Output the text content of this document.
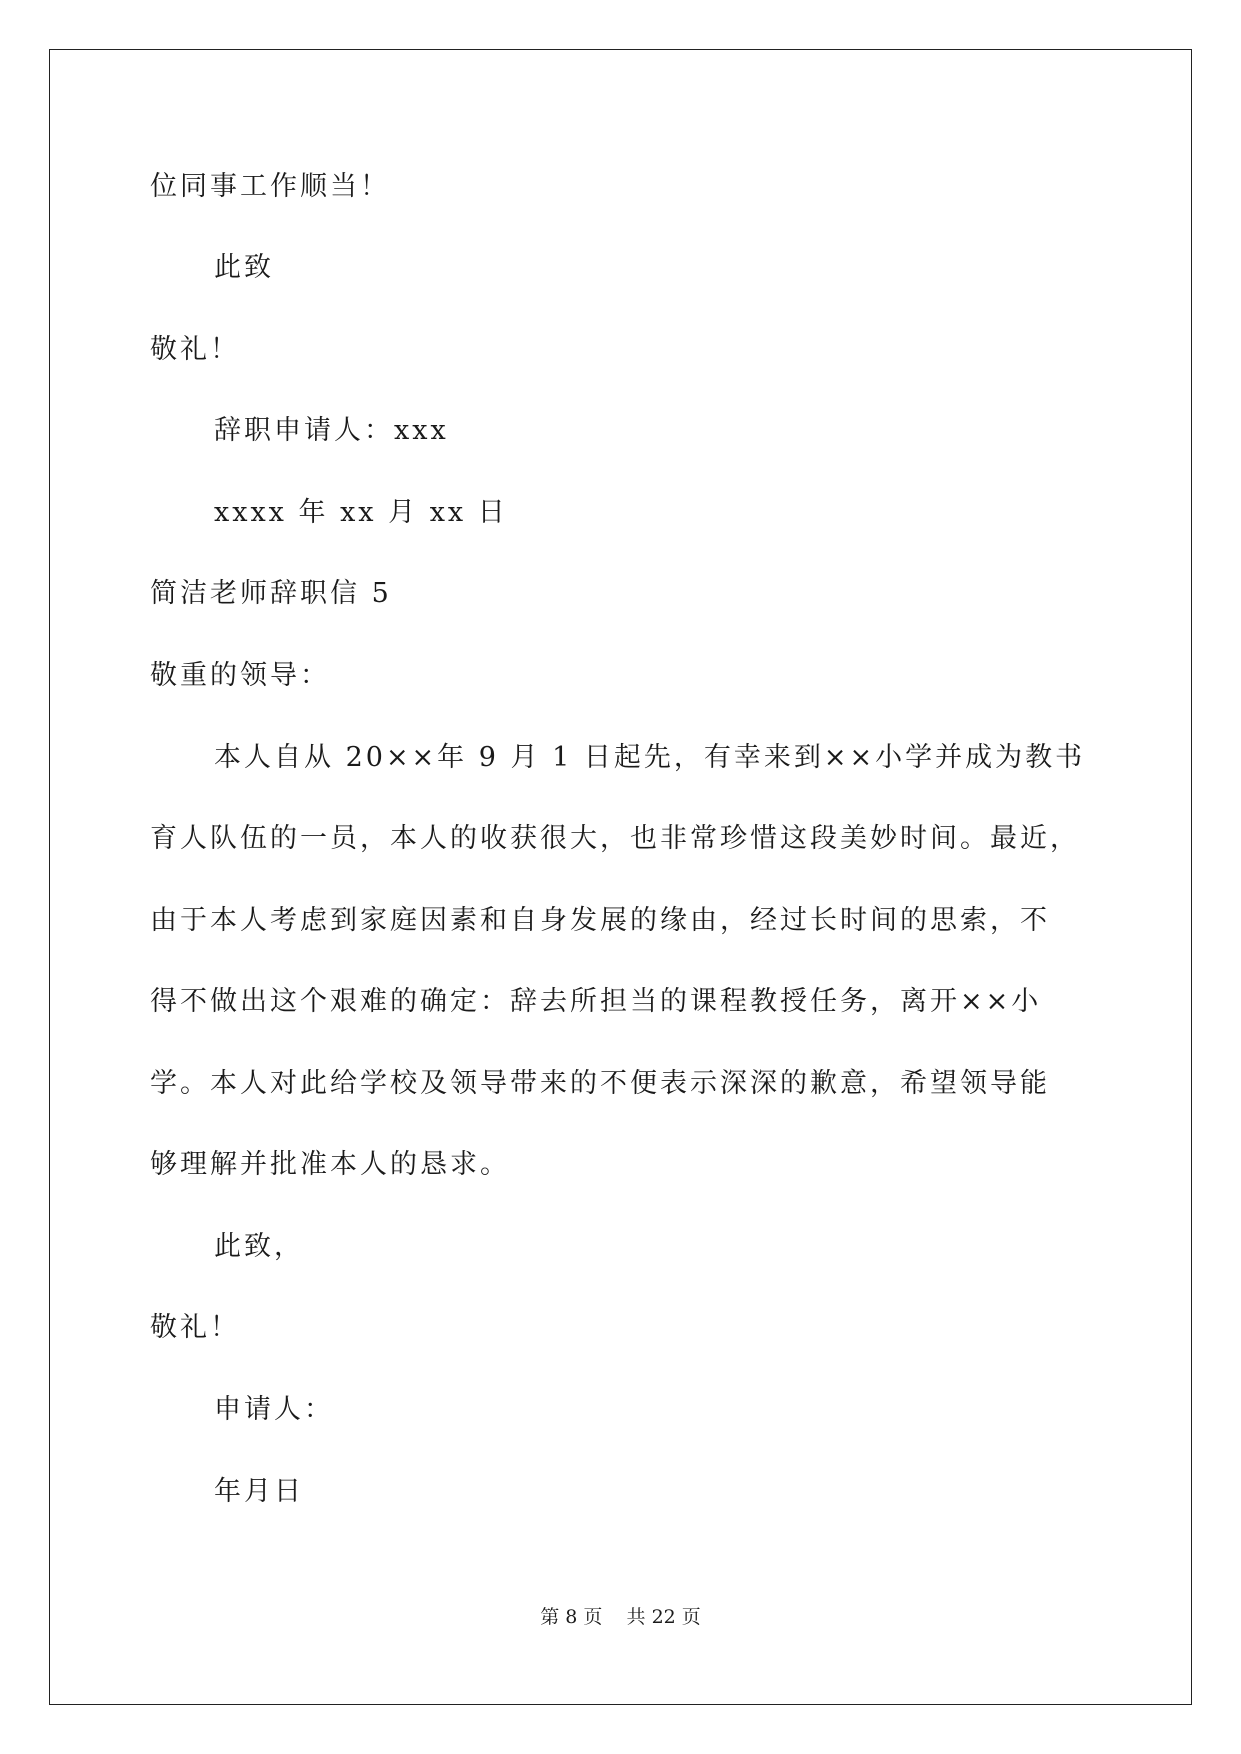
位同事工作顺当！

此致

敬礼！

辞职申请人：xxx

xxxx 年 xx 月 xx 日

简洁老师辞职信 5

敬重的领导：

本人自从 20××年 9 月 1 日起先，有幸来到××小学并成为教书

育人队伍的一员，本人的收获很大，也非常珍惜这段美妙时间。最近，

由于本人考虑到家庭因素和自身发展的缘由，经过长时间的思索，不

得不做出这个艰难的确定：辞去所担当的课程教授任务，离开××小

学。本人对此给学校及领导带来的不便表示深深的歉意，希望领导能

够理解并批准本人的恳求。

此致，

敬礼！

申请人：

年月日

第 8 页 共 22 页
